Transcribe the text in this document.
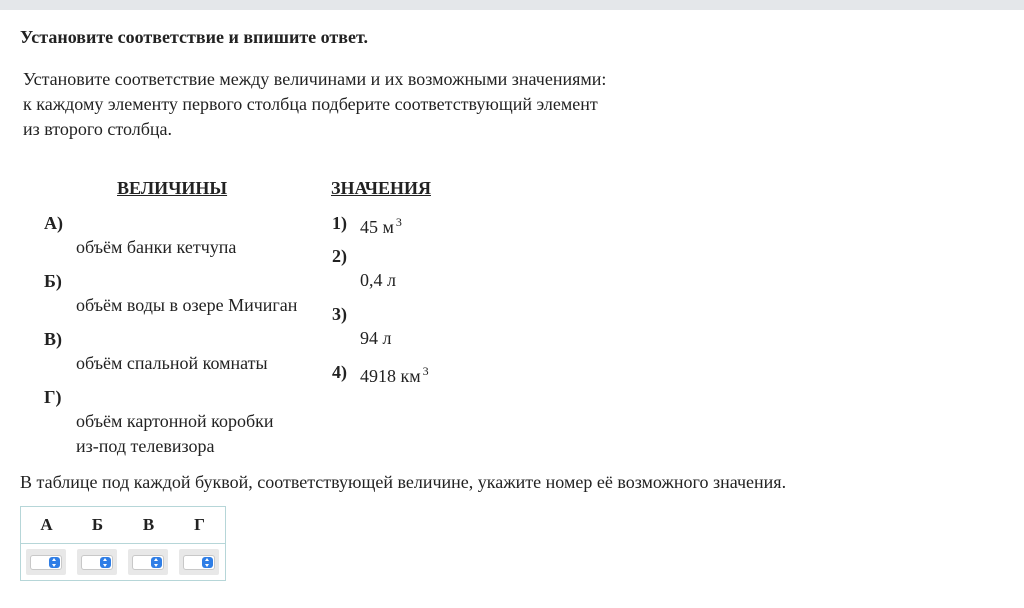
Установите соответствие и впишите ответ.
Установите соответствие между величинами и их возможными значениями:
к каждому элементу первого столбца подберите соответствующий элемент
из второго столбца.
ВЕЛИЧИНЫ	ЗНАЧЕНИЯ
А)
объём банки кетчупа
Б)
объём воды в озере Мичиган
В)
объём спальной комнаты
Г)
объём картонной коробки
из-под телевизора
1) 45 м $^3$
2)
0,4 л
3)
94 л
4) 4918 км $^3$
В таблице под каждой буквой, соответствующей величине, укажите номер её возможного значения.
А	Б	В	Г
